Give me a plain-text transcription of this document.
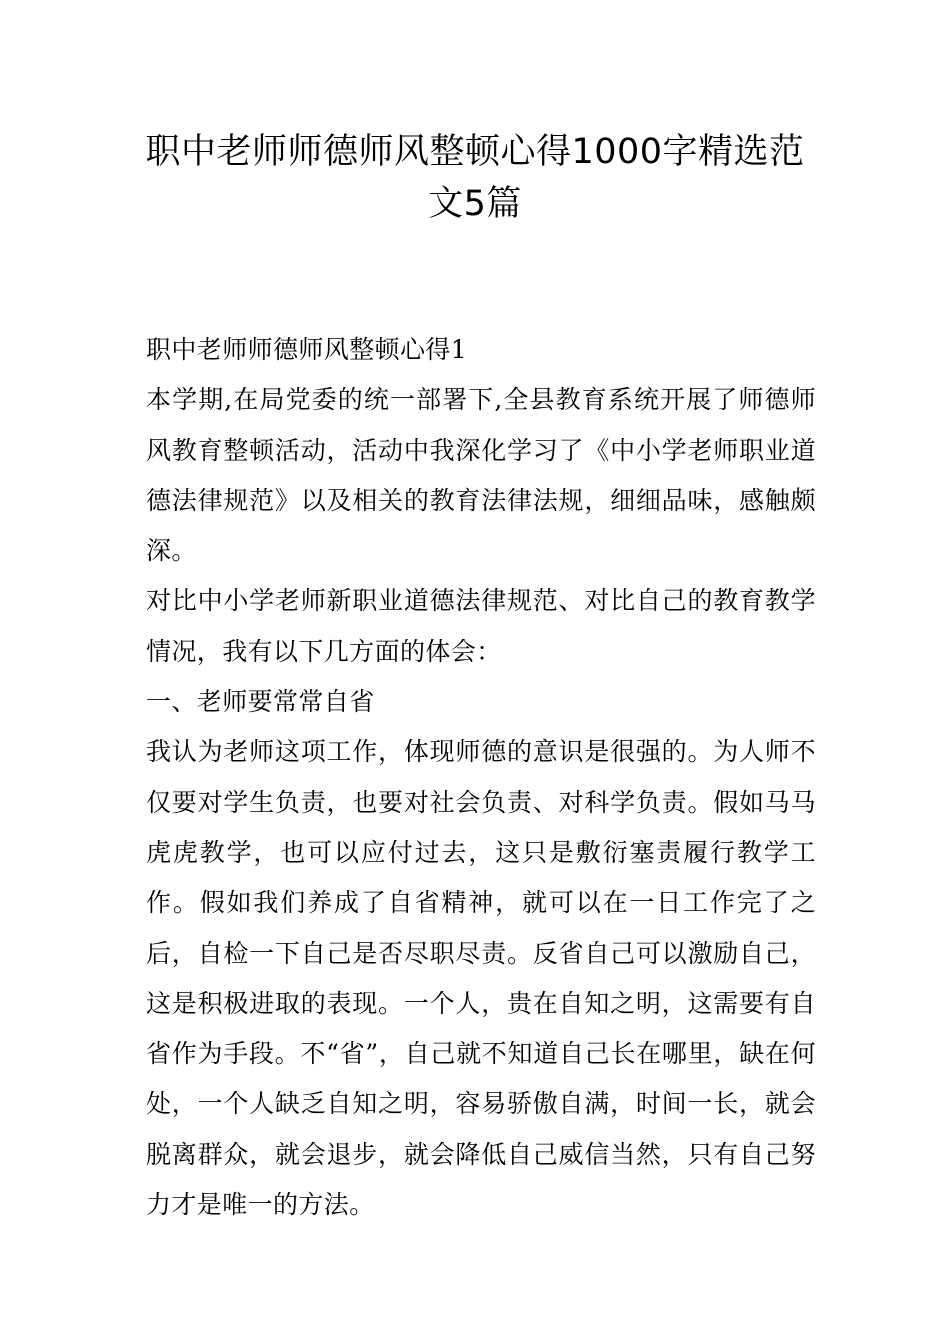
职中老师师德师风整顿心得1000字精选范
文5篇

职中老师师德师风整顿心得1

本学期,在局党委的统一部署下,全县教育系统开展了师德师风教育整顿活动，活动中我深化学习了《中小学老师职业道德法律规范》以及相关的教育法律法规，细细品味，感触颇深。

对比中小学老师新职业道德法律规范、对比自己的教育教学情况，我有以下几方面的体会：

一、老师要常常自省

我认为老师这项工作，体现师德的意识是很强的。为人师不仅要对学生负责，也要对社会负责、对科学负责。假如马马虎虎教学，也可以应付过去，这只是敷衍塞责履行教学工作。假如我们养成了自省精神，就可以在一日工作完了之后，自检一下自己是否尽职尽责。反省自己可以激励自己，这是积极进取的表现。一个人，贵在自知之明，这需要有自省作为手段。不“省”，自己就不知道自己长在哪里，缺在何处，一个人缺乏自知之明，容易骄傲自满，时间一长，就会脱离群众，就会退步，就会降低自己威信当然，只有自己努力才是唯一的方法。
